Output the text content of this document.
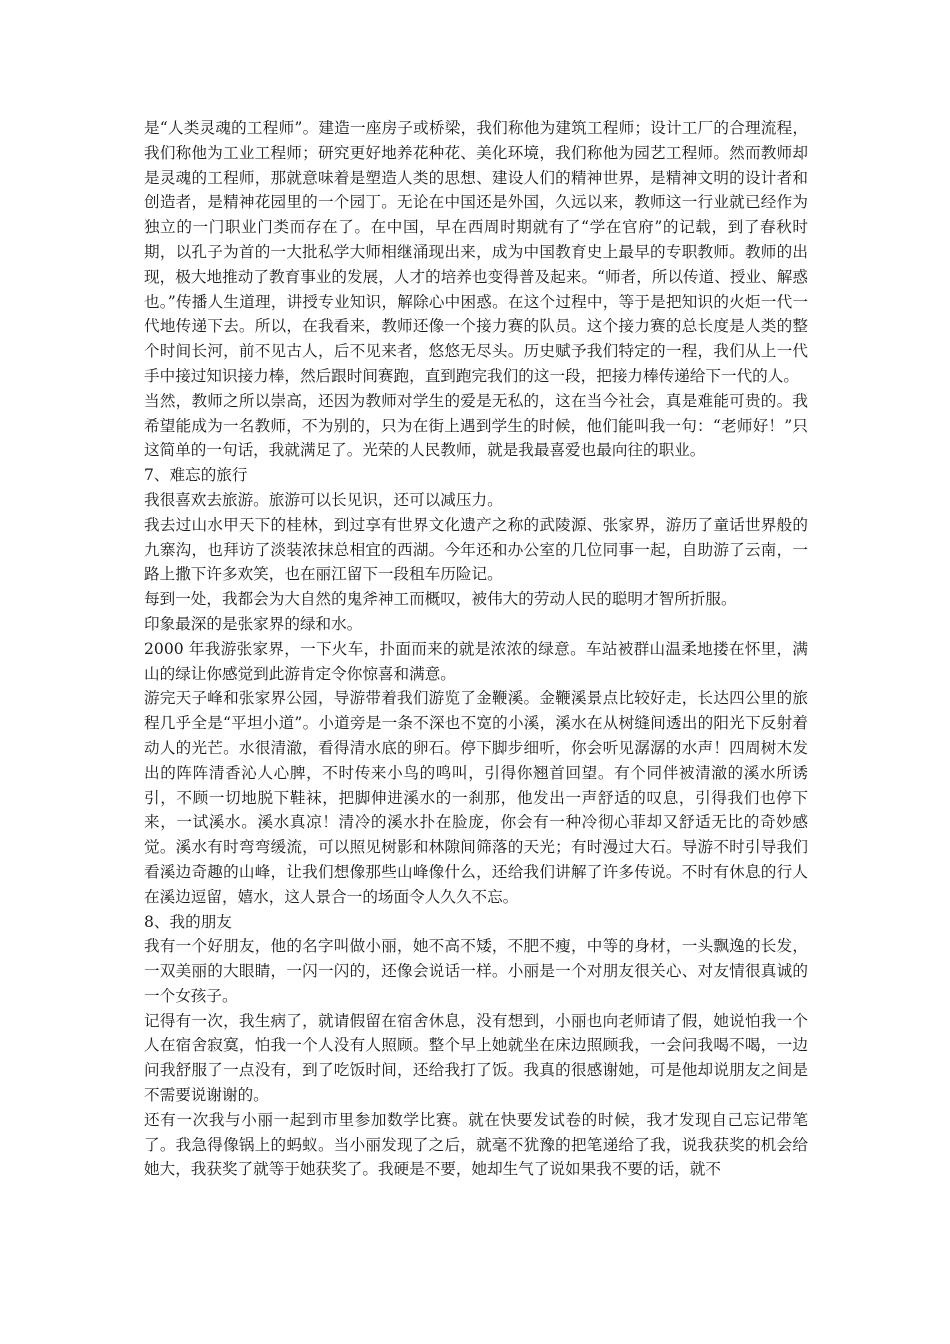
是“人类灵魂的工程师”。建造一座房子或桥梁，我们称他为建筑工程师；设计工厂的合理流程，我们称他为工业工程师；研究更好地养花种花、美化环境，我们称他为园艺工程师。然而教师却是灵魂的工程师，那就意味着是塑造人类的思想、建设人们的精神世界，是精神文明的设计者和创造者，是精神花园里的一个园丁。无论在中国还是外国，久远以来，教师这一行业就已经作为独立的一门职业门类而存在了。在中国，早在西周时期就有了“学在官府”的记载，到了春秋时期，以孔子为首的一大批私学大师相继涌现出来，成为中国教育史上最早的专职教师。教师的出现，极大地推动了教育事业的发展，人才的培养也变得普及起来。“师者，所以传道、授业、解惑也。”传播人生道理，讲授专业知识，解除心中困惑。在这个过程中，等于是把知识的火炬一代一代地传递下去。所以，在我看来，教师还像一个接力赛的队员。这个接力赛的总长度是人类的整个时间长河，前不见古人，后不见来者，悠悠无尽头。历史赋予我们特定的一程，我们从上一代手中接过知识接力棒，然后跟时间赛跑，直到跑完我们的这一段，把接力棒传递给下一代的人。

当然，教师之所以崇高，还因为教师对学生的爱是无私的，这在当今社会，真是难能可贵的。我希望能成为一名教师，不为别的，只为在街上遇到学生的时候，他们能叫我一句：“老师好！”只这简单的一句话，我就满足了。光荣的人民教师，就是我最喜爱也最向往的职业。

7、难忘的旅行

我很喜欢去旅游。旅游可以长见识，还可以减压力。

我去过山水甲天下的桂林，到过享有世界文化遗产之称的武陵源、张家界，游历了童话世界般的九寨沟，也拜访了淡装浓抹总相宜的西湖。今年还和办公室的几位同事一起，自助游了云南，一路上撒下许多欢笑，也在丽江留下一段租车历险记。

每到一处，我都会为大自然的鬼斧神工而概叹，被伟大的劳动人民的聪明才智所折服。

印象最深的是张家界的绿和水。

2000 年我游张家界，一下火车，扑面而来的就是浓浓的绿意。车站被群山温柔地搂在怀里，满山的绿让你感觉到此游肯定令你惊喜和满意。

游完天子峰和张家界公园，导游带着我们游览了金鞭溪。金鞭溪景点比较好走，长达四公里的旅程几乎全是“平坦小道”。小道旁是一条不深也不宽的小溪，溪水在从树缝间透出的阳光下反射着动人的光芒。水很清澈，看得清水底的卵石。停下脚步细听，你会听见潺潺的水声！四周树木发出的阵阵清香沁人心脾，不时传来小鸟的鸣叫，引得你翘首回望。有个同伴被清澈的溪水所诱引，不顾一切地脱下鞋袜，把脚伸进溪水的一刹那，他发出一声舒适的叹息，引得我们也停下来，一试溪水。溪水真凉！清冷的溪水扑在脸庞，你会有一种冷彻心菲却又舒适无比的奇妙感觉。溪水有时弯弯缓流，可以照见树影和林隙间筛落的天光；有时漫过大石。导游不时引导我们看溪边奇趣的山峰，让我们想像那些山峰像什么，还给我们讲解了许多传说。不时有休息的行人在溪边逗留，嬉水，这人景合一的场面令人久久不忘。

8、我的朋友

我有一个好朋友，他的名字叫做小丽，她不高不矮，不肥不瘦，中等的身材，一头飘逸的长发，一双美丽的大眼睛，一闪一闪的，还像会说话一样。小丽是一个对朋友很关心、对友情很真诚的一个女孩子。

记得有一次，我生病了，就请假留在宿舍休息，没有想到，小丽也向老师请了假，她说怕我一个人在宿舍寂寞，怕我一个人没有人照顾。整个早上她就坐在床边照顾我，一会问我喝不喝，一边问我舒服了一点没有，到了吃饭时间，还给我打了饭。我真的很感谢她，可是他却说朋友之间是不需要说谢谢的。

还有一次我与小丽一起到市里参加数学比赛。就在快要发试卷的时候，我才发现自己忘记带笔了。我急得像锅上的蚂蚁。当小丽发现了之后，就毫不犹豫的把笔递给了我，说我获奖的机会给她大，我获奖了就等于她获奖了。我硬是不要，她却生气了说如果我不要的话，就不
